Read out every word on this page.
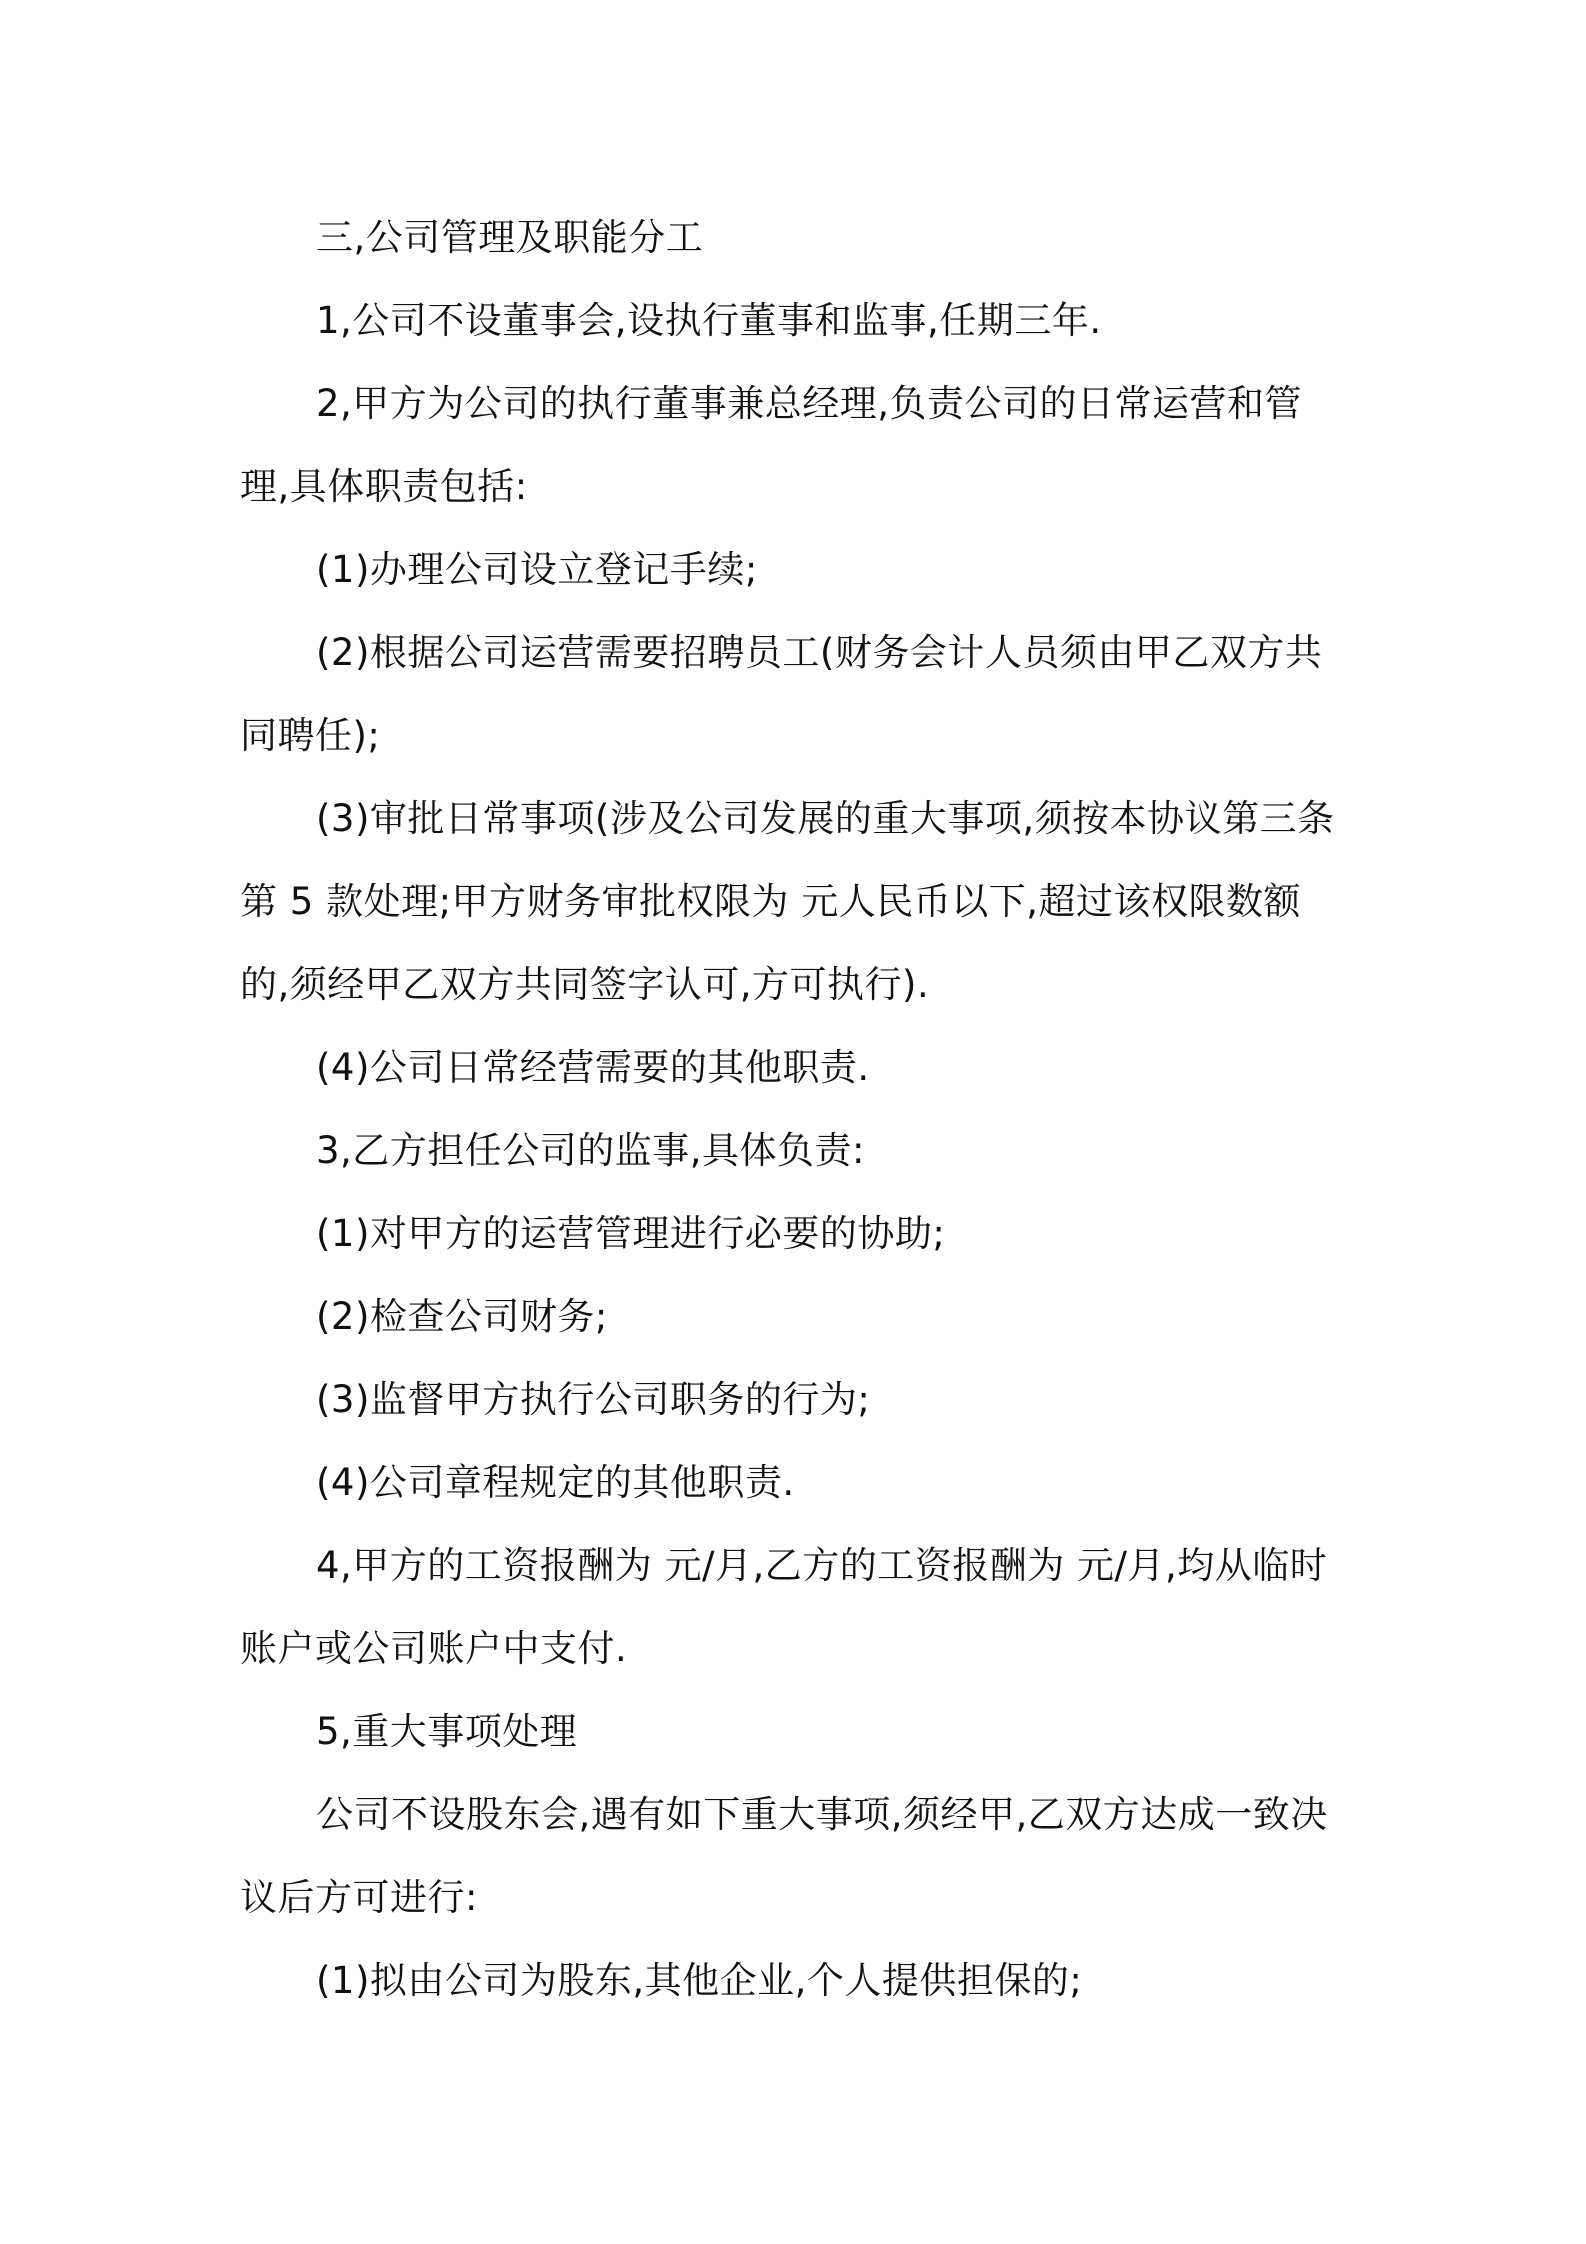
三,公司管理及职能分工

1,公司不设董事会,设执行董事和监事,任期三年.

2,甲方为公司的执行董事兼总经理,负责公司的日常运营和管理,具体职责包括:

(1)办理公司设立登记手续;

(2)根据公司运营需要招聘员工(财务会计人员须由甲乙双方共同聘任);

(3)审批日常事项(涉及公司发展的重大事项,须按本协议第三条第 5 款处理;甲方财务审批权限为 元人民币以下,超过该权限数额的,须经甲乙双方共同签字认可,方可执行).

(4)公司日常经营需要的其他职责.

3,乙方担任公司的监事,具体负责:

(1)对甲方的运营管理进行必要的协助;

(2)检查公司财务;

(3)监督甲方执行公司职务的行为;

(4)公司章程规定的其他职责.

4,甲方的工资报酬为 元/月,乙方的工资报酬为 元/月,均从临时账户或公司账户中支付.

5,重大事项处理

公司不设股东会,遇有如下重大事项,须经甲,乙双方达成一致决议后方可进行:

(1)拟由公司为股东,其他企业,个人提供担保的;
